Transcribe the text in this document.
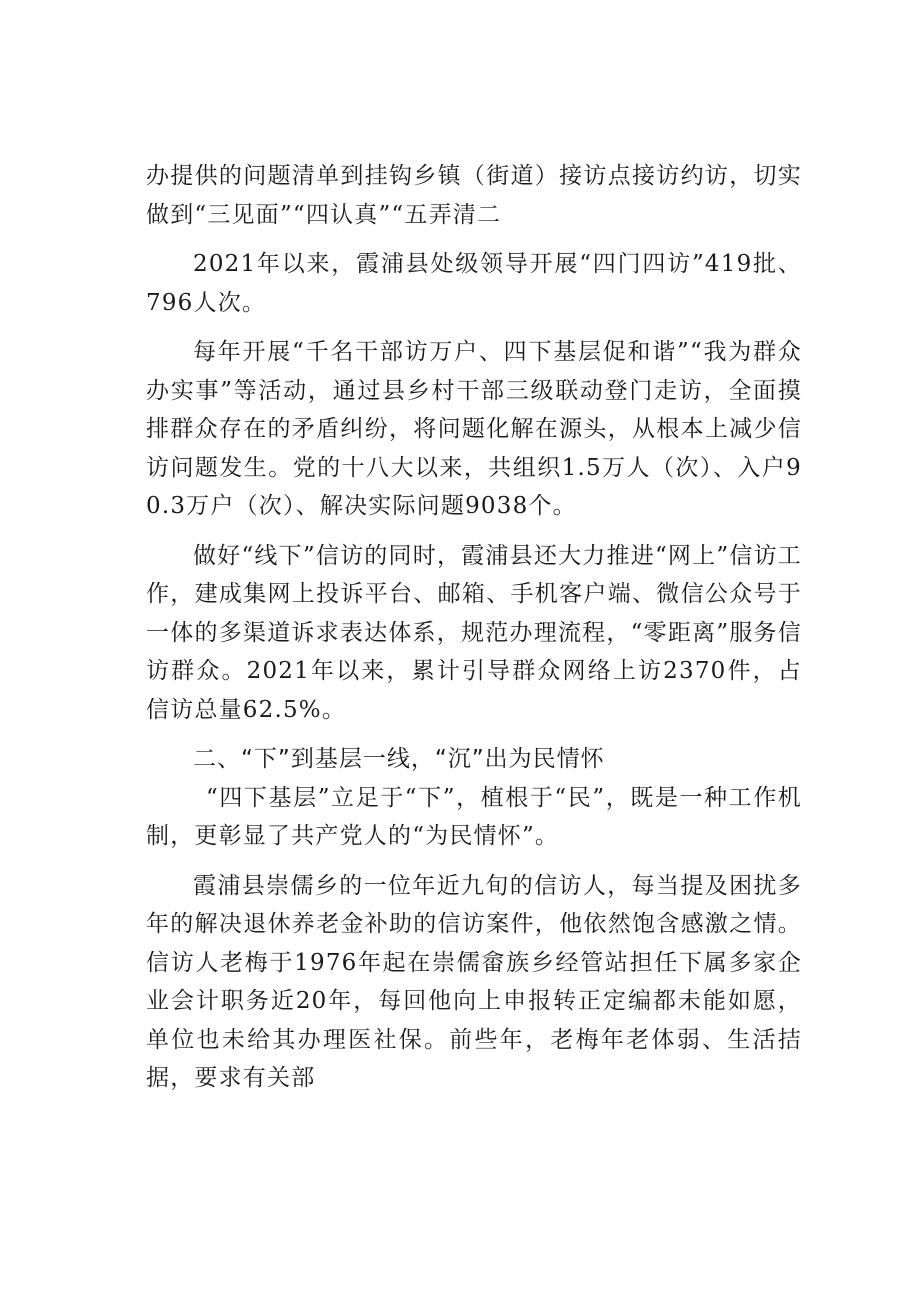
办提供的问题清单到挂钩乡镇（街道）接访点接访约访，切实做到“三见面”“四认真”“五弄清二

2021年以来，霞浦县处级领导开展“四门四访”419批、796人次。

每年开展“千名干部访万户、四下基层促和谐”“我为群众办实事”等活动，通过县乡村干部三级联动登门走访，全面摸排群众存在的矛盾纠纷，将问题化解在源头，从根本上减少信访问题发生。党的十八大以来，共组织1.5万人（次）、入户90.3万户（次）、解决实际问题9038个。

做好“线下”信访的同时，霞浦县还大力推进“网上”信访工作，建成集网上投诉平台、邮箱、手机客户端、微信公众号于一体的多渠道诉求表达体系，规范办理流程，“零距离”服务信访群众。2021年以来，累计引导群众网络上访2370件，占信访总量62.5%。

二、“下”到基层一线，“沉”出为民情怀

“四下基层”立足于“下”，植根于“民”，既是一种工作机制，更彰显了共产党人的“为民情怀”。

霞浦县崇儒乡的一位年近九旬的信访人，每当提及困扰多年的解决退休养老金补助的信访案件，他依然饱含感激之情。信访人老梅于1976年起在崇儒畲族乡经管站担任下属多家企业会计职务近20年，每回他向上申报转正定编都未能如愿，单位也未给其办理医社保。前些年，老梅年老体弱、生活拮据，要求有关部
